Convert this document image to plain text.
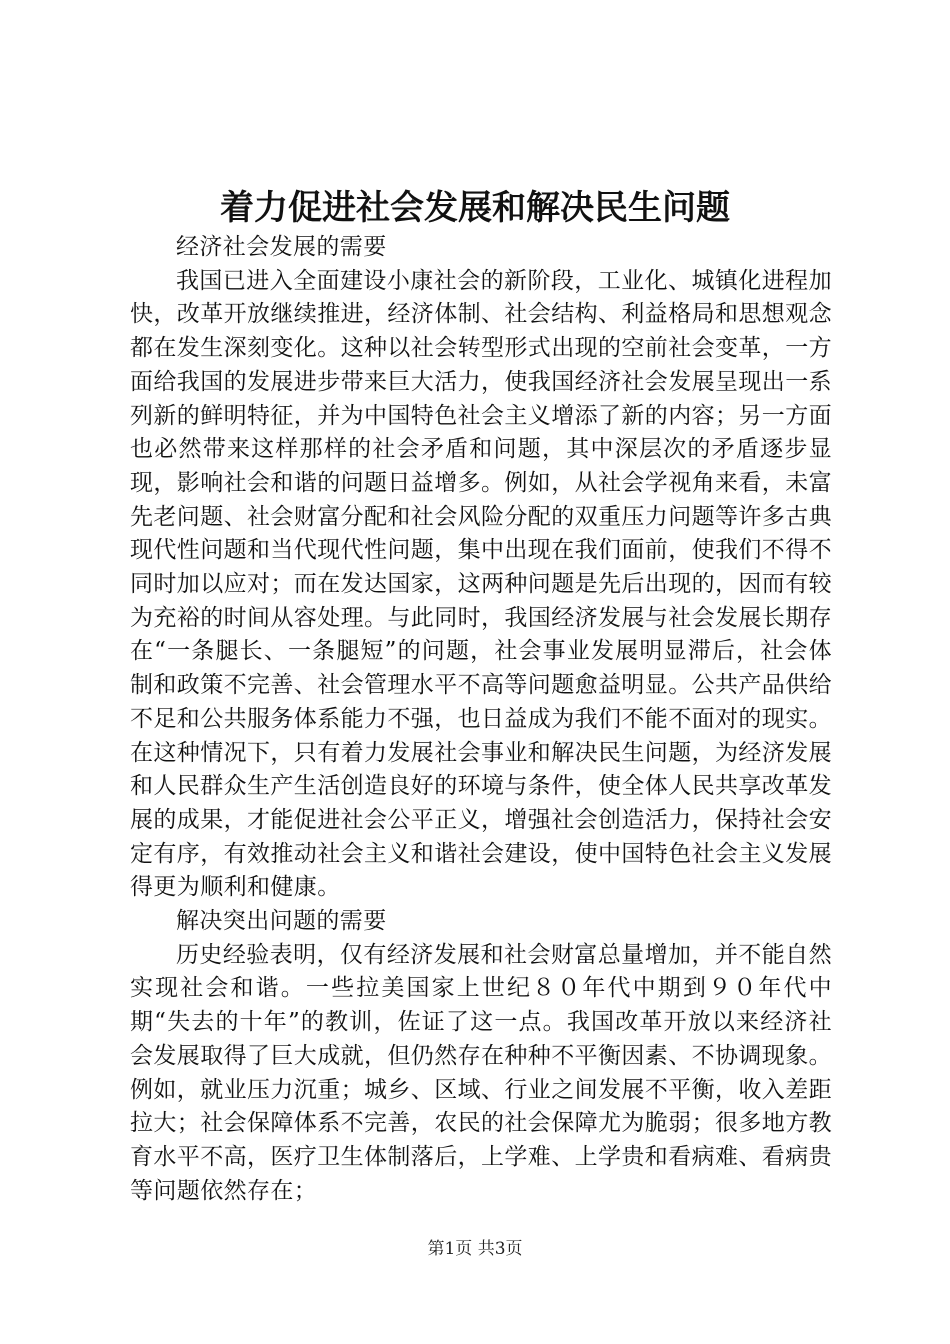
着力促进社会发展和解决民生问题

经济社会发展的需要

我国已进入全面建设小康社会的新阶段，工业化、城镇化进程加快，改革开放继续推进，经济体制、社会结构、利益格局和思想观念都在发生深刻变化。这种以社会转型形式出现的空前社会变革，一方面给我国的发展进步带来巨大活力，使我国经济社会发展呈现出一系列新的鲜明特征，并为中国特色社会主义增添了新的内容；另一方面也必然带来这样那样的社会矛盾和问题，其中深层次的矛盾逐步显现，影响社会和谐的问题日益增多。例如，从社会学视角来看，未富先老问题、社会财富分配和社会风险分配的双重压力问题等许多古典现代性问题和当代现代性问题，集中出现在我们面前，使我们不得不同时加以应对；而在发达国家，这两种问题是先后出现的，因而有较为充裕的时间从容处理。与此同时，我国经济发展与社会发展长期存在“一条腿长、一条腿短”的问题，社会事业发展明显滞后，社会体制和政策不完善、社会管理水平不高等问题愈益明显。公共产品供给不足和公共服务体系能力不强，也日益成为我们不能不面对的现实。在这种情况下，只有着力发展社会事业和解决民生问题，为经济发展和人民群众生产生活创造良好的环境与条件，使全体人民共享改革发展的成果，才能促进社会公平正义，增强社会创造活力，保持社会安定有序，有效推动社会主义和谐社会建设，使中国特色社会主义发展得更为顺利和健康。

解决突出问题的需要

历史经验表明，仅有经济发展和社会财富总量增加，并不能自然实现社会和谐。一些拉美国家上世纪８０年代中期到９０年代中期“失去的十年”的教训，佐证了这一点。我国改革开放以来经济社会发展取得了巨大成就，但仍然存在种种不平衡因素、不协调现象。例如，就业压力沉重；城乡、区域、行业之间发展不平衡，收入差距拉大；社会保障体系不完善，农民的社会保障尤为脆弱；很多地方教育水平不高，医疗卫生体制落后，上学难、上学贵和看病难、看病贵等问题依然存在；

第1页 共3页
